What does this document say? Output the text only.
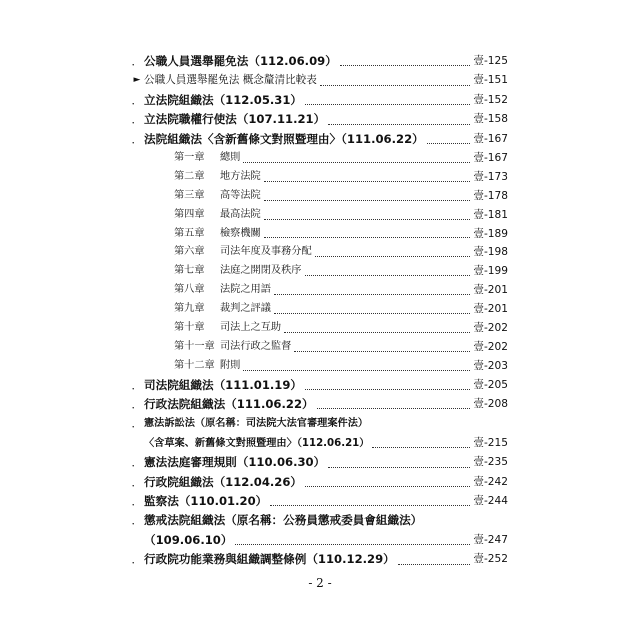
． 公職人員選舉罷免法（112.06.09）	壹-125
► 公職人員選舉罷免法 概念釐清比較表	壹-151
． 立法院組織法（112.05.31）	壹-152
． 立法院職權行使法（107.11.21）	壹-158
． 法院組織法〈含新舊條文對照暨理由〉（111.06.22）	壹-167
第一章	總則	壹-167
第二章	地方法院	壹-173
第三章	高等法院	壹-178
第四章	最高法院	壹-181
第五章	檢察機關	壹-189
第六章	司法年度及事務分配	壹-198
第七章	法庭之開閉及秩序	壹-199
第八章	法院之用語	壹-201
第九章	裁判之評議	壹-201
第十章	司法上之互助	壹-202
第十一章 司法行政之監督	壹-202
第十二章 附則	壹-203
． 司法院組織法（111.01.19）	壹-205
． 行政法院組織法（111.06.22）	壹-208
． 憲法訴訟法（原名稱：司法院大法官審理案件法）
〈含草案、新舊條文對照暨理由〉（112.06.21）	壹-215
． 憲法法庭審理規則（110.06.30）	壹-235
． 行政院組織法（112.04.26）	壹-242
． 監察法（110.01.20）	壹-244
． 懲戒法院組織法（原名稱：公務員懲戒委員會組織法）
（109.06.10）	壹-247
． 行政院功能業務與組織調整條例（110.12.29）	壹-252
- 2 -
